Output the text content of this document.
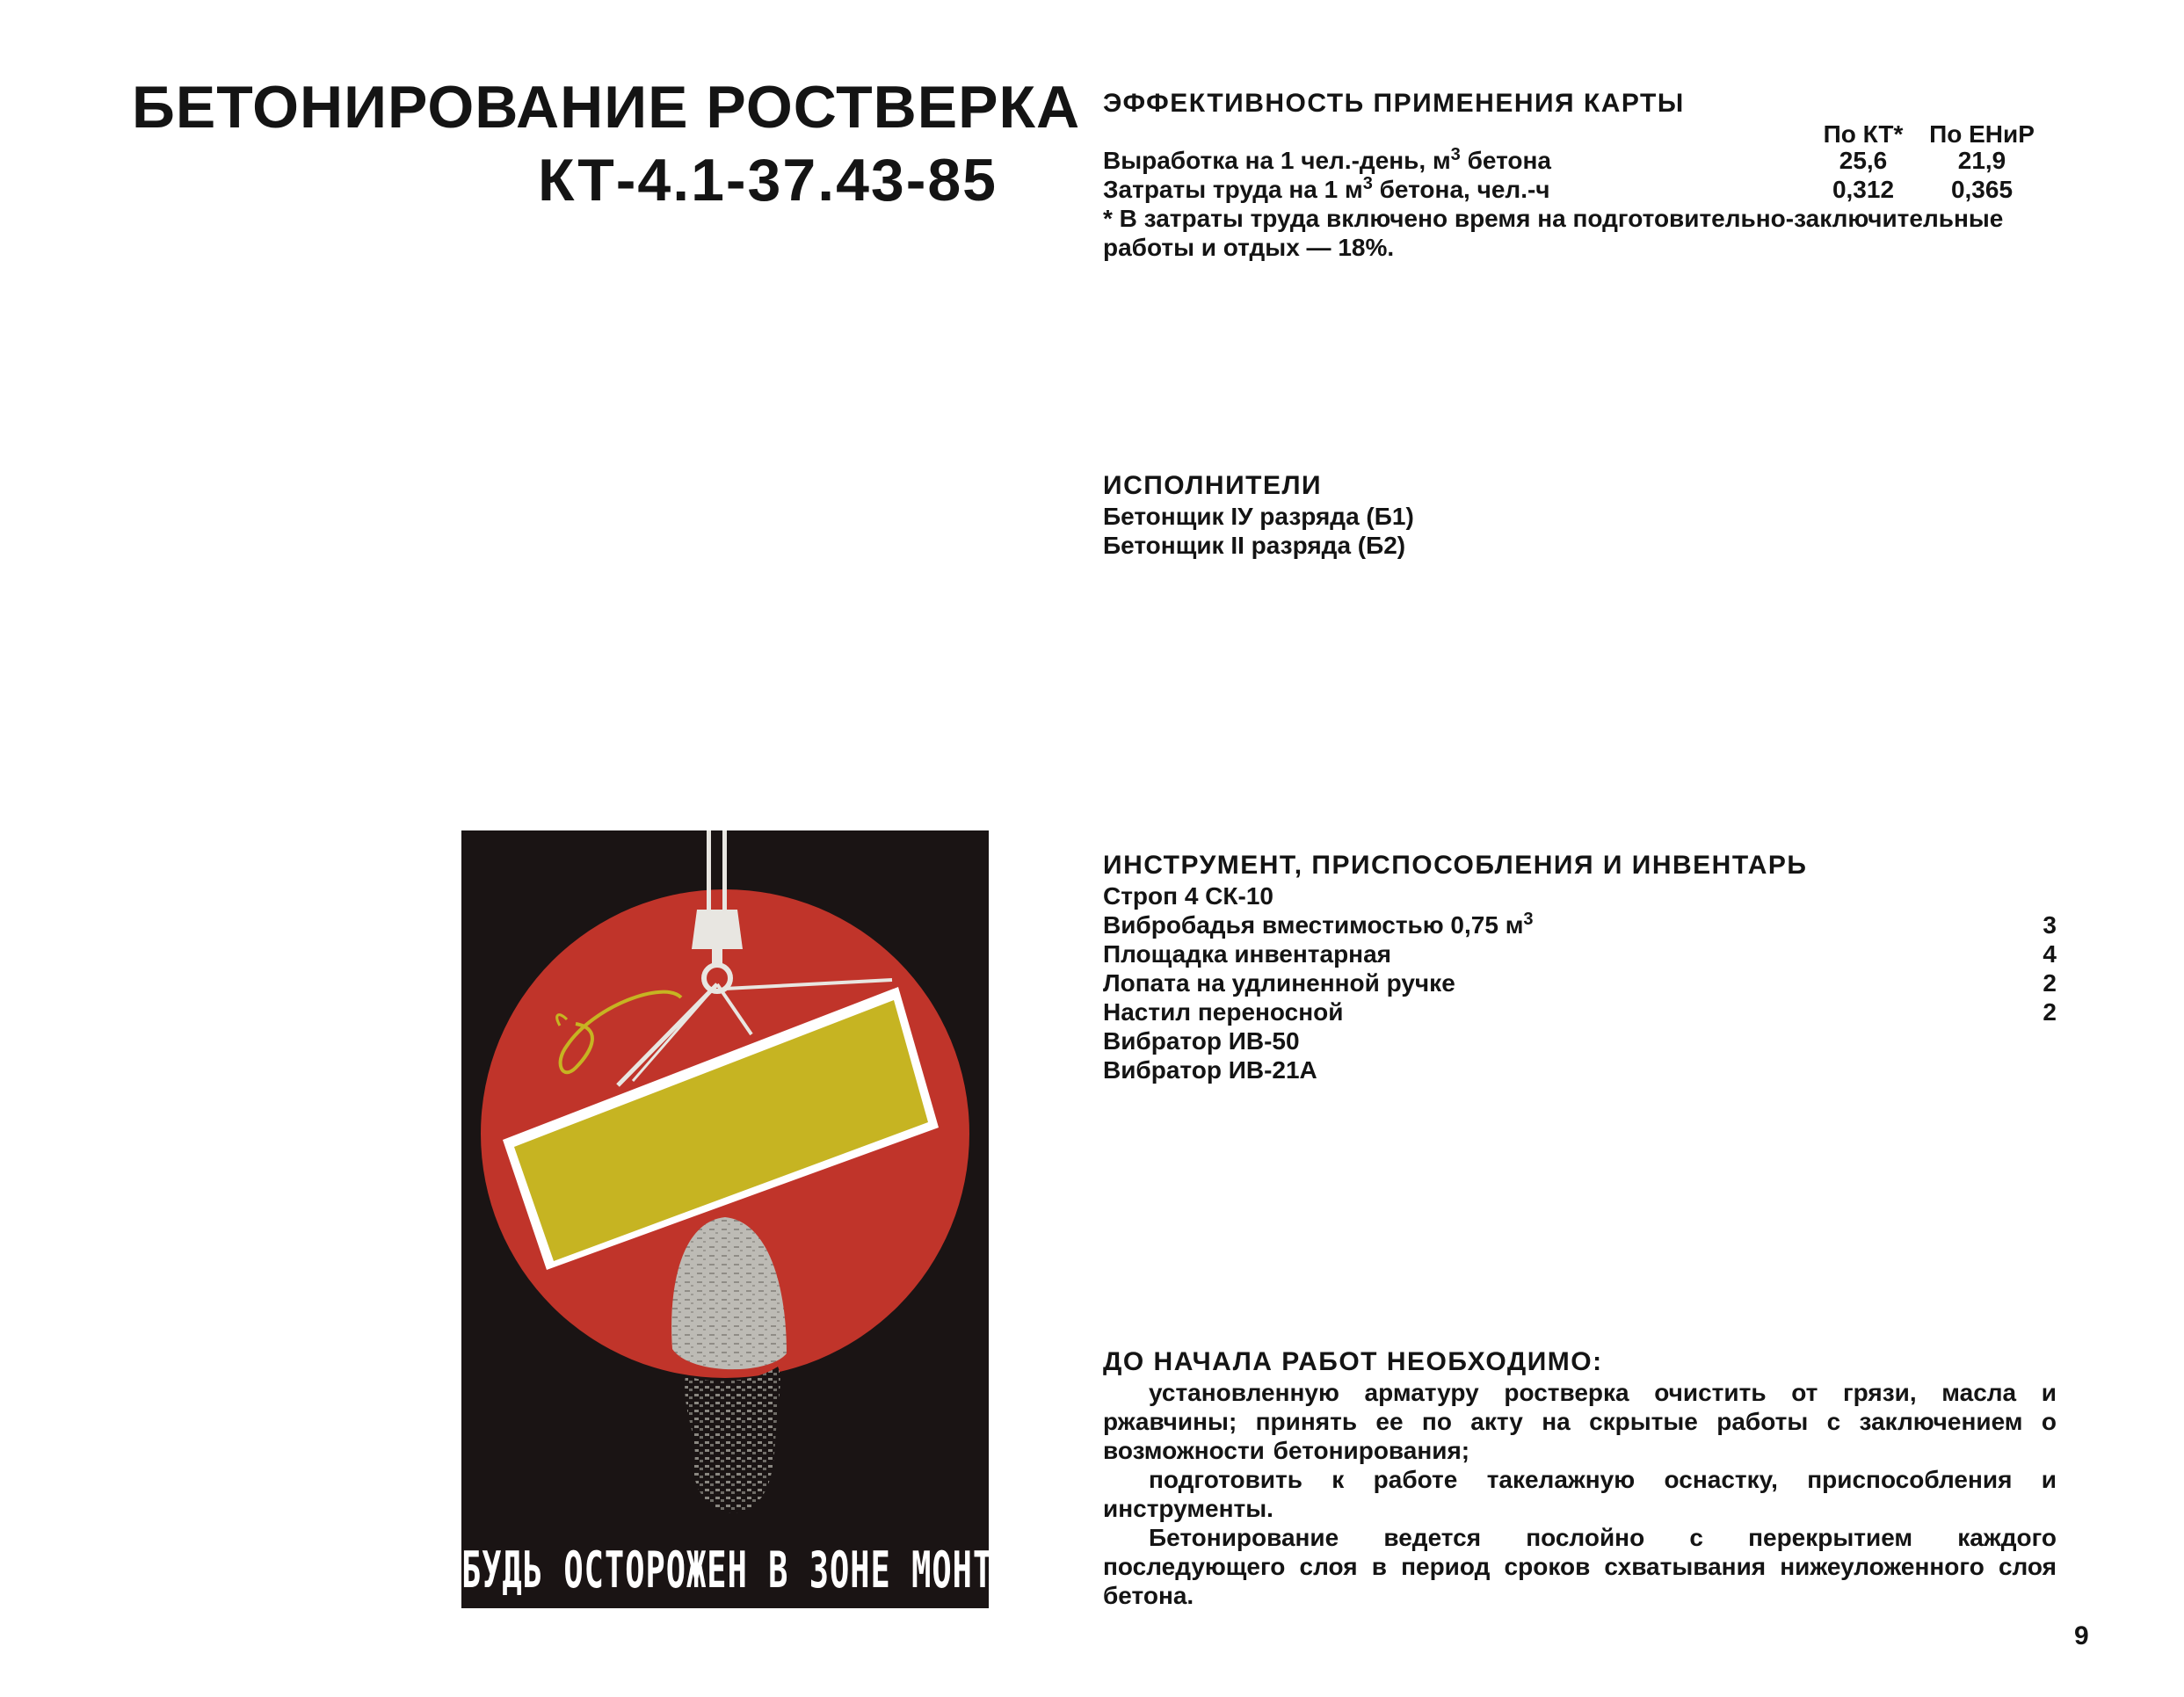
БЕТОНИРОВАНИЕ РОСТВЕРКА
КТ-4.1-37.43-85
ЭФФЕКТИВНОСТЬ ПРИМЕНЕНИЯ КАРТЫ
По КТ*	По ЕНиР
Выработка на 1 чел.-день, $м^3$ бетона	25,6	21,9
Затраты труда на 1 $м^3$ бетона, чел.-ч	0,312	0,365
* В затраты труда включено время на подготовительно-заключительные работы и отдых — 18%.
ИСПОЛНИТЕЛИ
Бетонщик IУ разряда (Б1)
Бетонщик II разряда (Б2)
ИНСТРУМЕНТ, ПРИСПОСОБЛЕНИЯ И ИНВЕНТАРЬ
Строп 4 СК-10
Вибробадья вместимостью 0,75 $м^3$	3
Площадка инвентарная	4
Лопата на удлиненной ручке	2
Настил переносной	2
Вибратор ИВ-50
Вибратор ИВ-21А
ДО НАЧАЛА РАБОТ НЕОБХОДИМО:
установленную арматуру ростверка очистить от грязи, масла и ржавчины; принять ее по акту на скрытые работы с заключением о возможности бетонирования;
подготовить к работе такелажную оснастку, приспособления и инструменты.
Бетонирование ведется послойно с перекрытием каждого последующего слоя в период сроков схватывания нижеуложенного слоя бетона.
БУДЬ ОСТОРОЖЕН В ЗОНЕ МОНТАЖА
9
